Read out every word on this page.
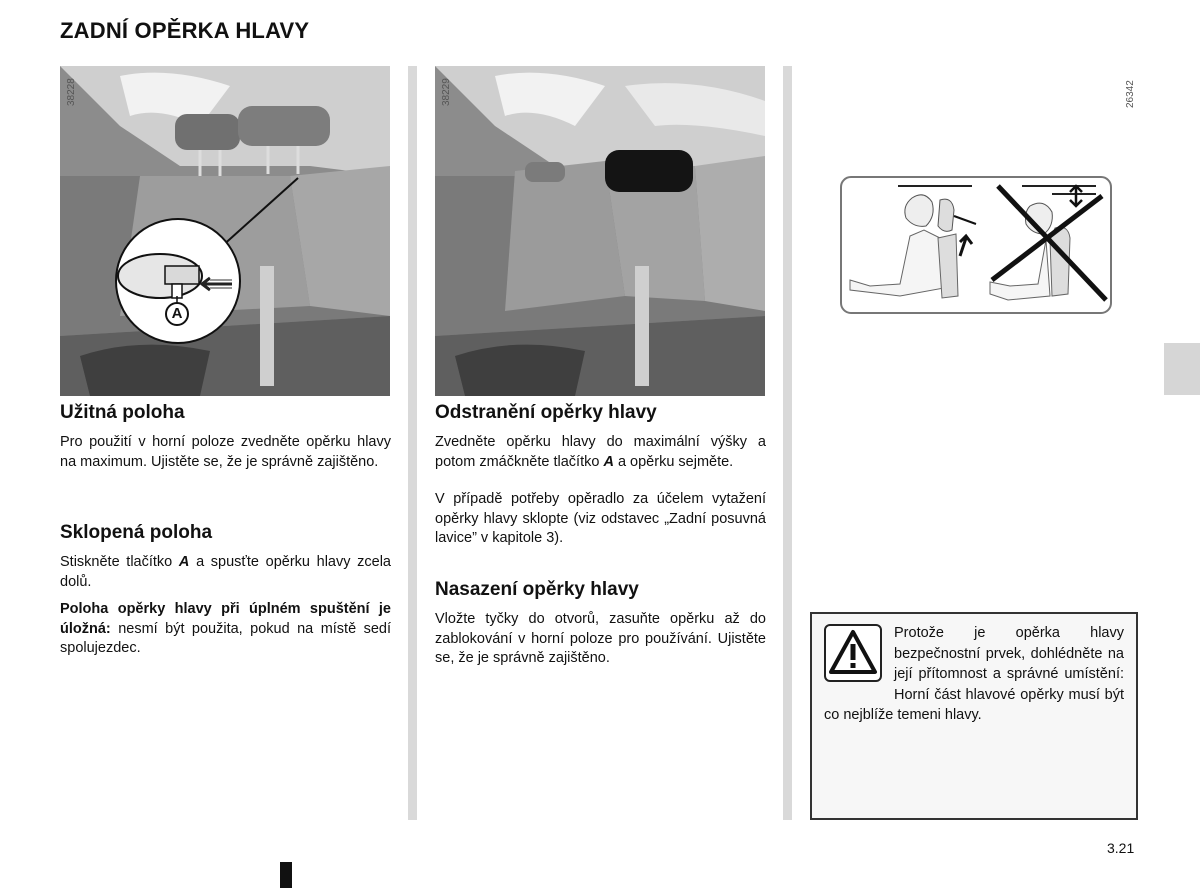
ZADNÍ OPĚRKA HLAVY
A
38228	38229	26342
Užitná poloha

Pro použití v horní poloze zvedněte opěrku hlavy na maximum. Ujistěte se, že je správně zajištěno.

Sklopená poloha

Stiskněte tlačítko A a spusťte opěrku hlavy zcela dolů.

Poloha opěrky hlavy při úplném spuštění je úložná: nesmí být použita, pokud na místě sedí spolujezdec.

Odstranění opěrky hlavy

Zvedněte opěrku hlavy do maximální výšky a potom zmáčkněte tlačítko A a opěrku sejměte.

V případě potřeby opěradlo za účelem vytažení opěrky hlavy sklopte (viz odstavec „Zadní posuvná lavice” v kapitole 3).

Nasazení opěrky hlavy

Vložte tyčky do otvorů, zasuňte opěrku až do zablokování v horní poloze pro používání. Ujistěte se, že je správně zajištěno.

Protože je opěrka hlavy bezpečnostní prvek, dohlédněte na její přítomnost a správné umístění: Horní část hlavové opěrky musí být co nejblíže temeni hlavy.

3.21
